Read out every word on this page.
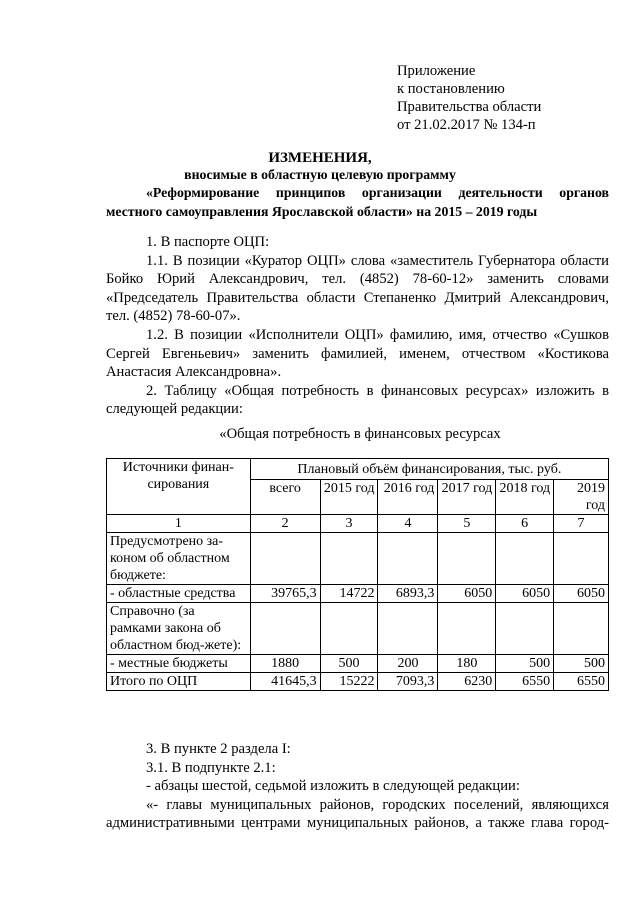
Приложение
к постановлению
Правительства области
от 21.02.2017 № 134-п
ИЗМЕНЕНИЯ,
вносимые в областную целевую программу
«Реформирование принципов организации деятельности органов
местного самоуправления Ярославской области» на 2015 – 2019 годы

1. В паспорте ОЦП:

1.1. В позиции «Куратор ОЦП» слова «заместитель Губернатора области Бойко Юрий Александрович, тел. (4852) 78-60-12» заменить словами «Председатель Правительства области Степаненко Дмитрий Александрович, тел. (4852) 78-60-07».

1.2. В позиции «Исполнители ОЦП» фамилию, имя, отчество «Сушков Сергей Евгеньевич» заменить фамилией, именем, отчеством «Костикова Анастасия Александровна».

2. Таблицу «Общая потребность в финансовых ресурсах» изложить в следующей редакции:

«Общая потребность в финансовых ресурсах
Источники финан-сирования	Плановый объём финансирования, тыс. руб.					
	всего	2015 год	2016 год	2017 год	2018 год	2019 год
1	2	3	4	5	6	7
Предусмотрено за-коном об областном бюджете:						
- областные средства	39765,3	14722	6893,3	6050	6050	6050
Справочно (за рамками закона об областном бюд-жете):						
- местные бюджеты	1880	500	200	180	500	500
Итого по ОЦП	41645,3	15222	7093,3	6230	6550	6550

3. В пункте 2 раздела I:

3.1. В подпункте 2.1:

- абзацы шестой, седьмой изложить в следующей редакции:

«- главы муниципальных районов, городских поселений, являющихся

административными центрами муниципальных районов, а также глава город-
